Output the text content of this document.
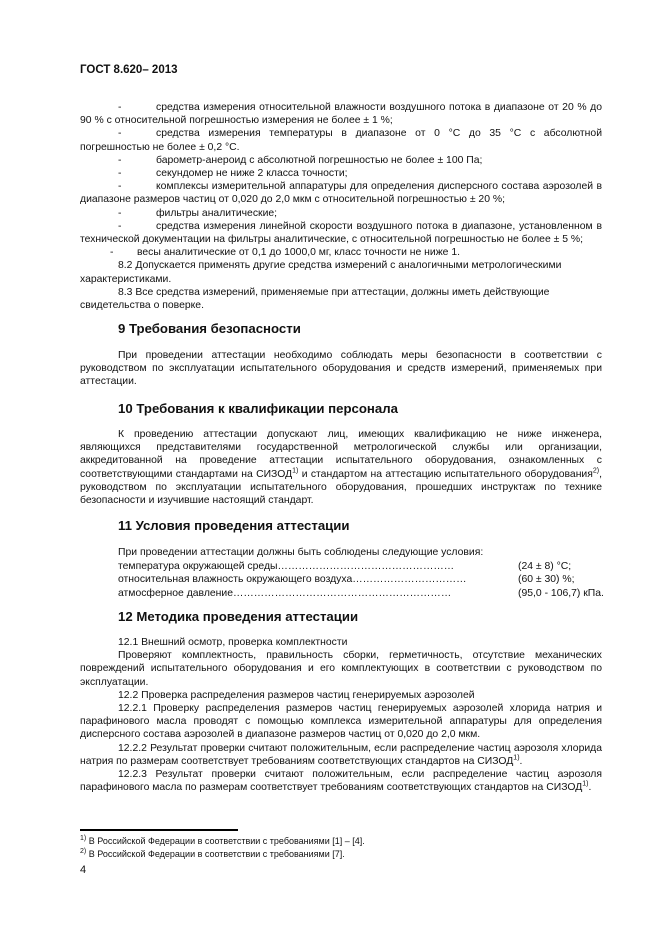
ГОСТ 8.620– 2013

-	средства измерения относительной влажности воздушного потока в диапазоне от 20 % до 90 % с относительной погрешностью измерения не более ± 1 %;

-	средства измерения температуры в диапазоне от 0 °С до 35 °С с абсолютной погрешностью не более ± 0,2 °С.

-	барометр-анероид с абсолютной погрешностью не более ± 100 Па;

-	секундомер не ниже 2 класса точности;

-	комплексы измерительной аппаратуры для определения дисперсного состава аэрозолей в диапазоне размеров частиц от 0,020 до 2,0 мкм с относительной погрешностью ± 20 %;

-	фильтры аналитические;

-	средства измерения линейной скорости воздушного потока в диапазоне, установленном в технической документации на фильтры аналитические, с относительной погрешностью не более ± 5 %;

- весы аналитические от 0,1 до 1000,0 мг, класс точности не ниже 1.

8.2 Допускается применять другие средства измерений с аналогичными метрологическими характеристиками.

8.3 Все средства измерений, применяемые при аттестации, должны иметь действующие свидетельства о поверке.

9 Требования безопасности

При проведении аттестации необходимо соблюдать меры безопасности в соответствии с руководством по эксплуатации испытательного оборудования и средств измерений, применяемых при аттестации.

10 Требования к квалификации персонала

К проведению аттестации допускают лиц, имеющих квалификацию не ниже инженера, являющихся представителями государственной метрологической службы или организации, аккредитованной на проведение аттестации испытательного оборудования, ознакомленных с соответствующими стандартами на СИЗОД$^{1)}$ и стандартом на аттестацию испытательного оборудования$^{2)}$, руководством по эксплуатации испытательного оборудования, прошедших инструктаж по технике безопасности и изучившие настоящий стандарт.

11 Условия проведения аттестации
При проведении аттестации должны быть соблюдены следующие условия:
температура окружающей среды……………………………………………	(24 ± 8) °С;
относительная влажность окружающего воздуха……………………………	(60 ± 30) %;
атмосферное давление………………………………………………………	(95,0 - 106,7) кПа.
12 Методика проведения аттестации

12.1 Внешний осмотр, проверка комплектности

Проверяют комплектность, правильность сборки, герметичность, отсутствие механических повреждений испытательного оборудования и его комплектующих в соответствии с руководством по эксплуатации.

12.2 Проверка распределения размеров частиц генерируемых аэрозолей

12.2.1 Проверку распределения размеров частиц генерируемых аэрозолей хлорида натрия и парафинового масла проводят с помощью комплекса измерительной аппаратуры для определения дисперсного состава аэрозолей в диапазоне размеров частиц от 0,020 до 2,0 мкм.

12.2.2 Результат проверки считают положительным, если распределение частиц аэрозоля хлорида натрия по размерам соответствует требованиям соответствующих стандартов на СИЗОД$^{1)}$.

12.2.3 Результат проверки считают положительным, если распределение частиц аэрозоля парафинового масла по размерам соответствует требованиям соответствующих стандартов на СИЗОД$^{1)}$.

$^{1)}$ В Российской Федерации в соответствии с требованиями [1] – [4].
$^{2)}$ В Российской Федерации в соответствии с требованиями [7].
4
